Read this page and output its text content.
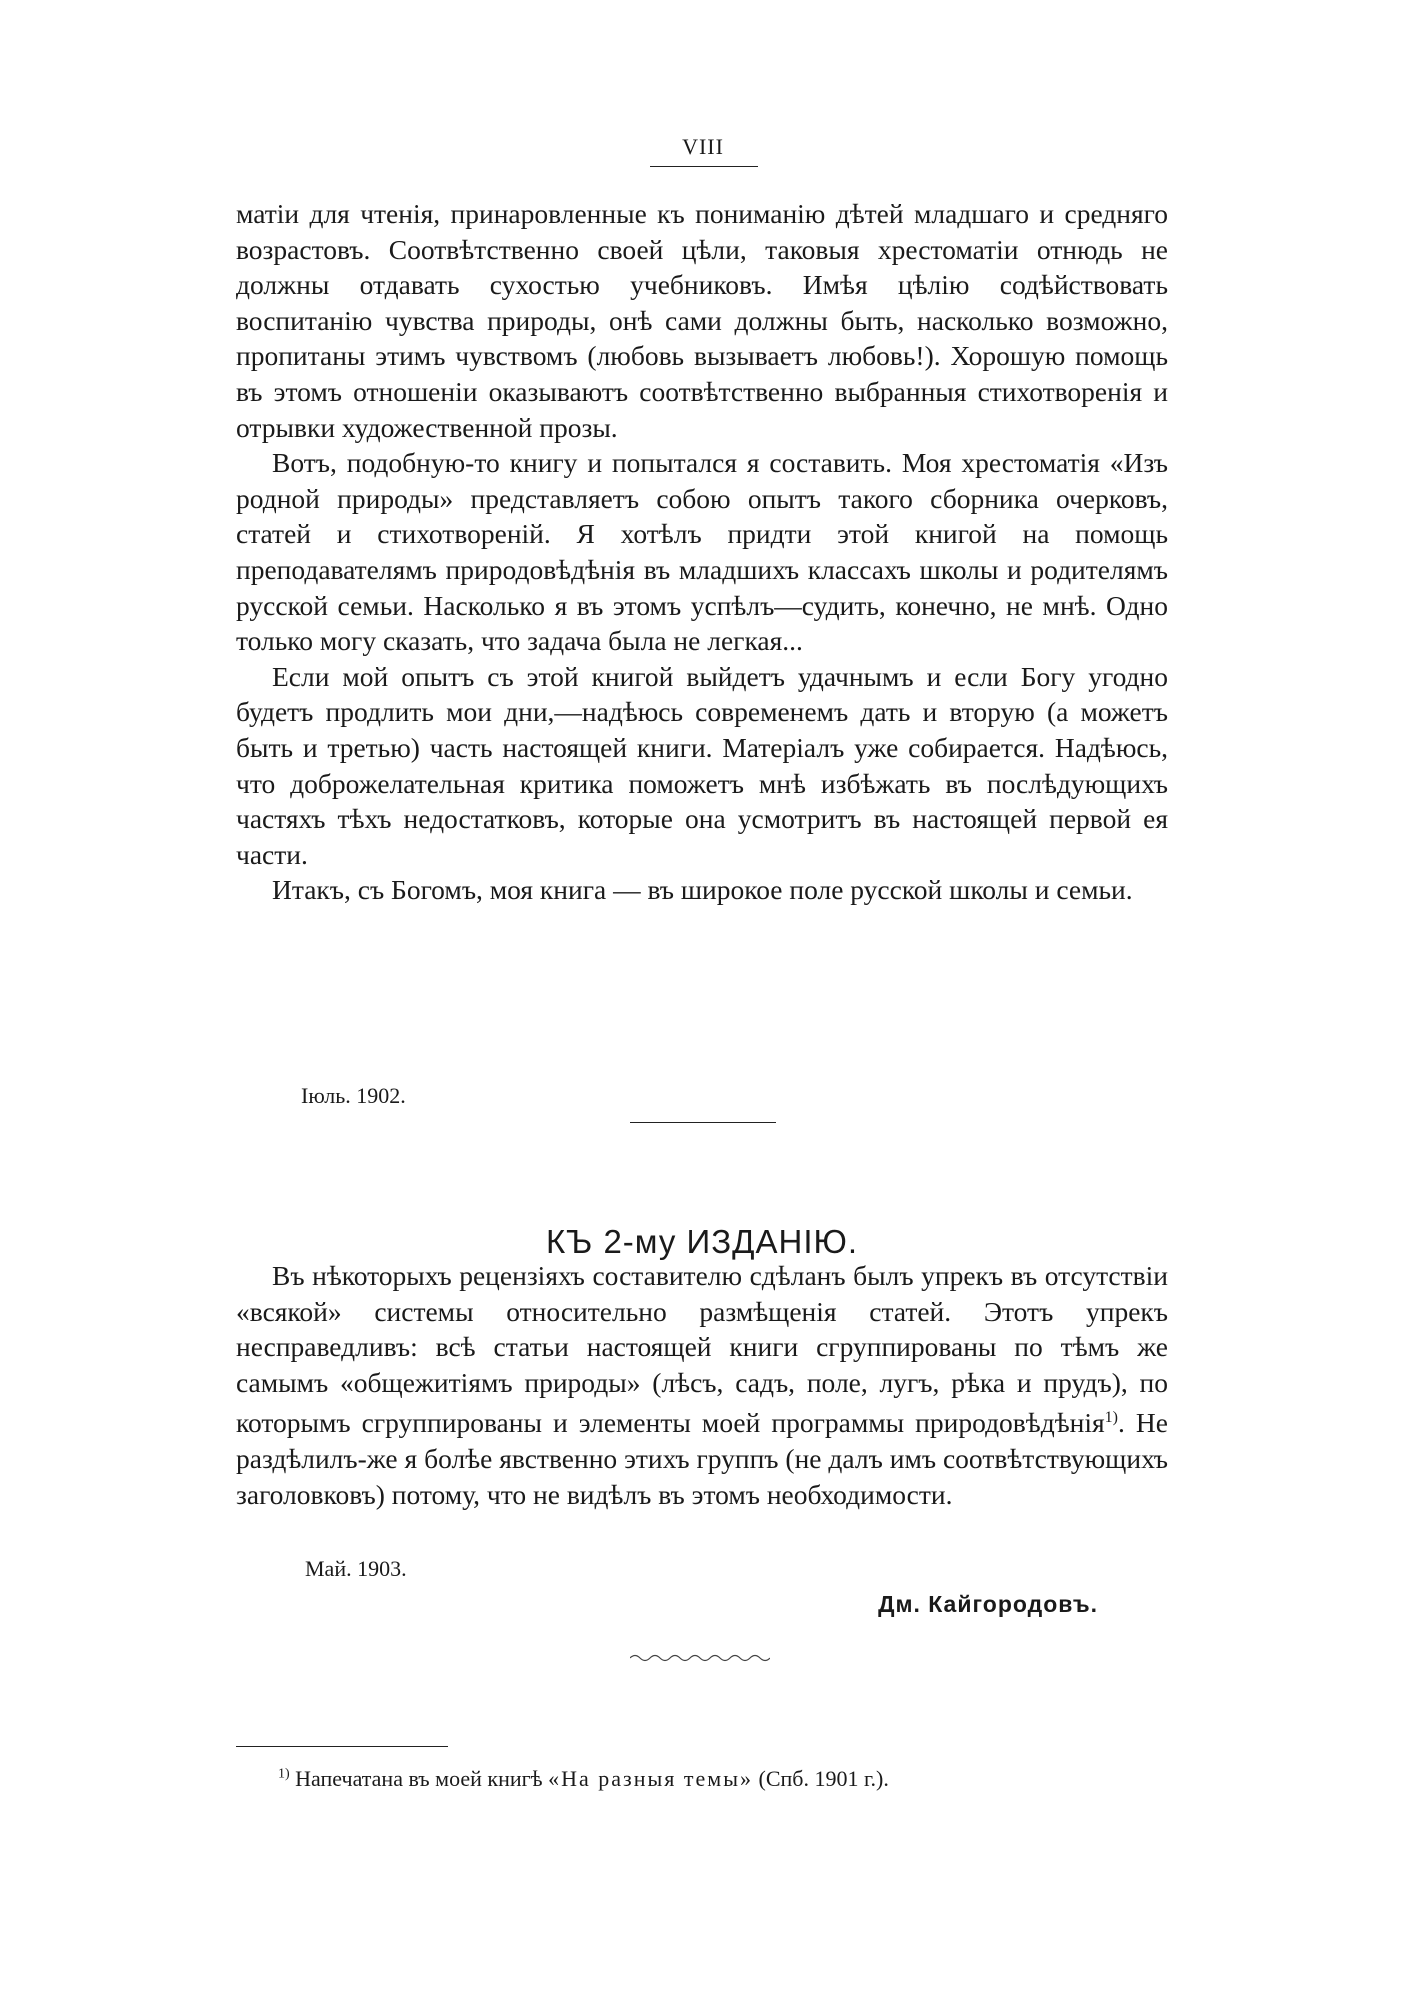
VIII

матiи для чтенія, принаровленные къ пониманію дѣтей младшаго и средняго возрастовъ. Соотвѣтственно своей цѣли, таковыя хрестоматіи отнюдь не должны отдавать сухостью учебниковъ. Имѣя цѣлію содѣйствовать воспитанію чувства природы, онѣ сами должны быть, насколько возможно, пропитаны этимъ чувствомъ (любовь вызываетъ любовь!). Хорошую помощь въ этомъ отношеніи оказываютъ соотвѣтственно выбранныя стихотворенія и отрывки художественной прозы.

Вотъ, подобную-то книгу и попытался я составить. Моя хрестоматія «Изъ родной природы» представляетъ собою опытъ такого сборника очерковъ, статей и стихотвореній. Я хотѣлъ придти этой книгой на помощь преподавателямъ природовѣдѣнія въ младшихъ классахъ школы и родителямъ русской семьи. Насколько я въ этомъ успѣлъ—судить, конечно, не мнѣ. Одно только могу сказать, что задача была не легкая...

Если мой опытъ съ этой книгой выйдетъ удачнымъ и если Богу угодно будетъ продлить мои дни,—надѣюсь современемъ дать и вторую (а можетъ быть и третью) часть настоящей книги. Матеріалъ уже собирается. Надѣюсь, что доброжелательная критика поможетъ мнѣ избѣжать въ послѣдующихъ частяхъ тѣхъ недостатковъ, которые она усмотритъ въ настоящей первой ея части.

Итакъ, съ Богомъ, моя книга — въ широкое поле русской школы и семьи.

Іюль. 1902.
КЪ 2-му ИЗДАНІЮ.

Въ нѣкоторыхъ рецензіяхъ составителю сдѣланъ былъ упрекъ въ отсутствіи «всякой» системы относительно размѣщенія статей. Этотъ упрекъ несправедливъ: всѣ статьи настоящей книги сгруппированы по тѣмъ же самымъ «общежитіямъ природы» (лѣсъ, садъ, поле, лугъ, рѣка и прудъ), по которымъ сгруппированы и элементы моей программы природовѣдѣнія$^{1)}$. Не раздѣлилъ-же я болѣе явственно этихъ группъ (не далъ имъ соотвѣтствующихъ заголовковъ) потому, что не видѣлъ въ этомъ необходимости.

Май. 1903.
Дм. Кайгородовъ.
$^{1)}$ Напечатана въ моей книгѣ «На разныя темы» (Спб. 1901 г.).
